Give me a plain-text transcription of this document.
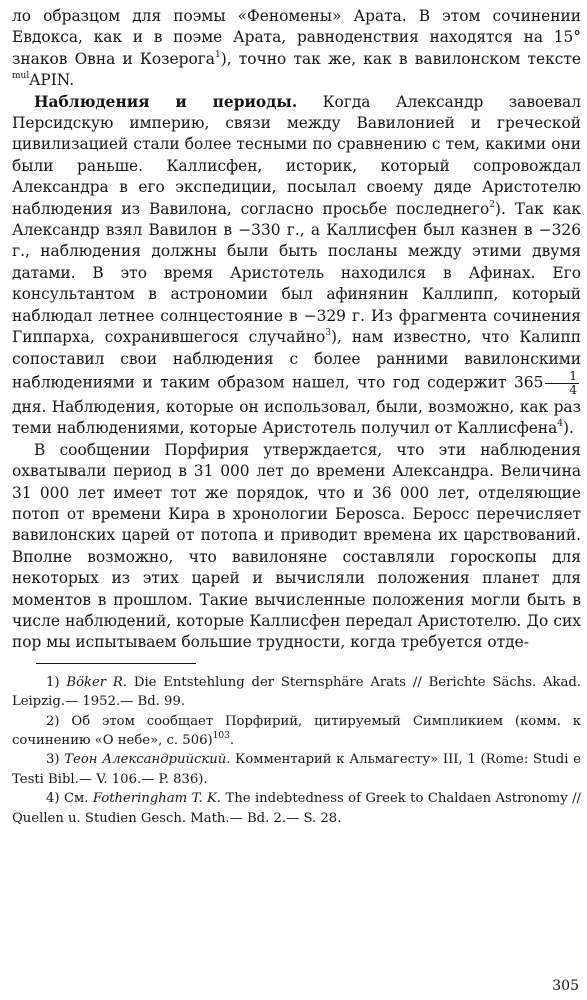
ло образцом для поэмы «Феномены» Арата. В этом сочинении Евдокса, как и в поэме Арата, равноденствия находятся на 15° знаков Овна и Козерога$^1$), точно так же, как в вавилонском тексте $^{mul}$APIN.

Наблюдения и периоды. Когда Александр завоевал Персидскую империю, связи между Вавилонией и греческой цивилизацией стали более тесными по сравнению с тем, какими они были раньше. Каллисфен, историк, который сопровождал Александра в его экспедиции, посылал своему дяде Аристотелю наблюдения из Вавилона, согласно просьбе последнего$^2$). Так как Александр взял Вавилон в −330 г., а Каллисфен был казнен в −326 г., наблюдения должны были быть посланы между этими двумя датами. В это время Аристотель находился в Афинах. Его консультантом в астрономии был афинянин Каллипп, который наблюдал летнее солнцестояние в −329 г. Из фрагмента сочинения Гиппарха, сохранившегося случайно$^3$), нам известно, что Калипп сопоставил свои наблюдения с более ранними вавилонскими наблюдениями и таким образом нашел, что год содержит $365 \frac{1}{4}$
дня. Наблюдения, которые он использовал, были, возможно, как раз теми наблюдениями, которые Аристотель получил от Каллисфена$^4$).

В сообщении Порфирия утверждается, что эти наблюдения охватывали период в 31 000 лет до времени Александра. Величина 31 000 лет имеет тот же порядок, что и 36 000 лет, отделяющие потоп от времени Кира в хронологии Берosса. Беросс перечисляет вавилонских царей от потопа и приводит времена их царствований. Вполне возможно, что вавилоняне составляли гороскопы для некоторых из этих царей и вычисляли положения планет для моментов в прошлом. Такие вычисленные положения могли быть в числе наблюдений, которые Каллисфен передал Аристотелю. До сих пор мы испытываем большие трудности, когда требуется отде-

1) Böker R. Die Entstehlung der Sternsphäre Arats // Berichte Sächs. Akad. Leipzig.— 1952.— Bd. 99.

2) Об этом сообщает Порфирий, цитируемый Симпликием (комм. к сочинению «О небе», с. 506)$^{103}$.

3) Теон Александрийский. Комментарий к Альмагесту» III, 1 (Rome: Studi e Testi Bibl.— V. 106.— P. 836).

4) См. Fotheringham T. K. The indebtedness of Greek to Chaldaen Astronomy // Quellen u. Studien Gesch. Math.— Bd. 2.— S. 28.

305
